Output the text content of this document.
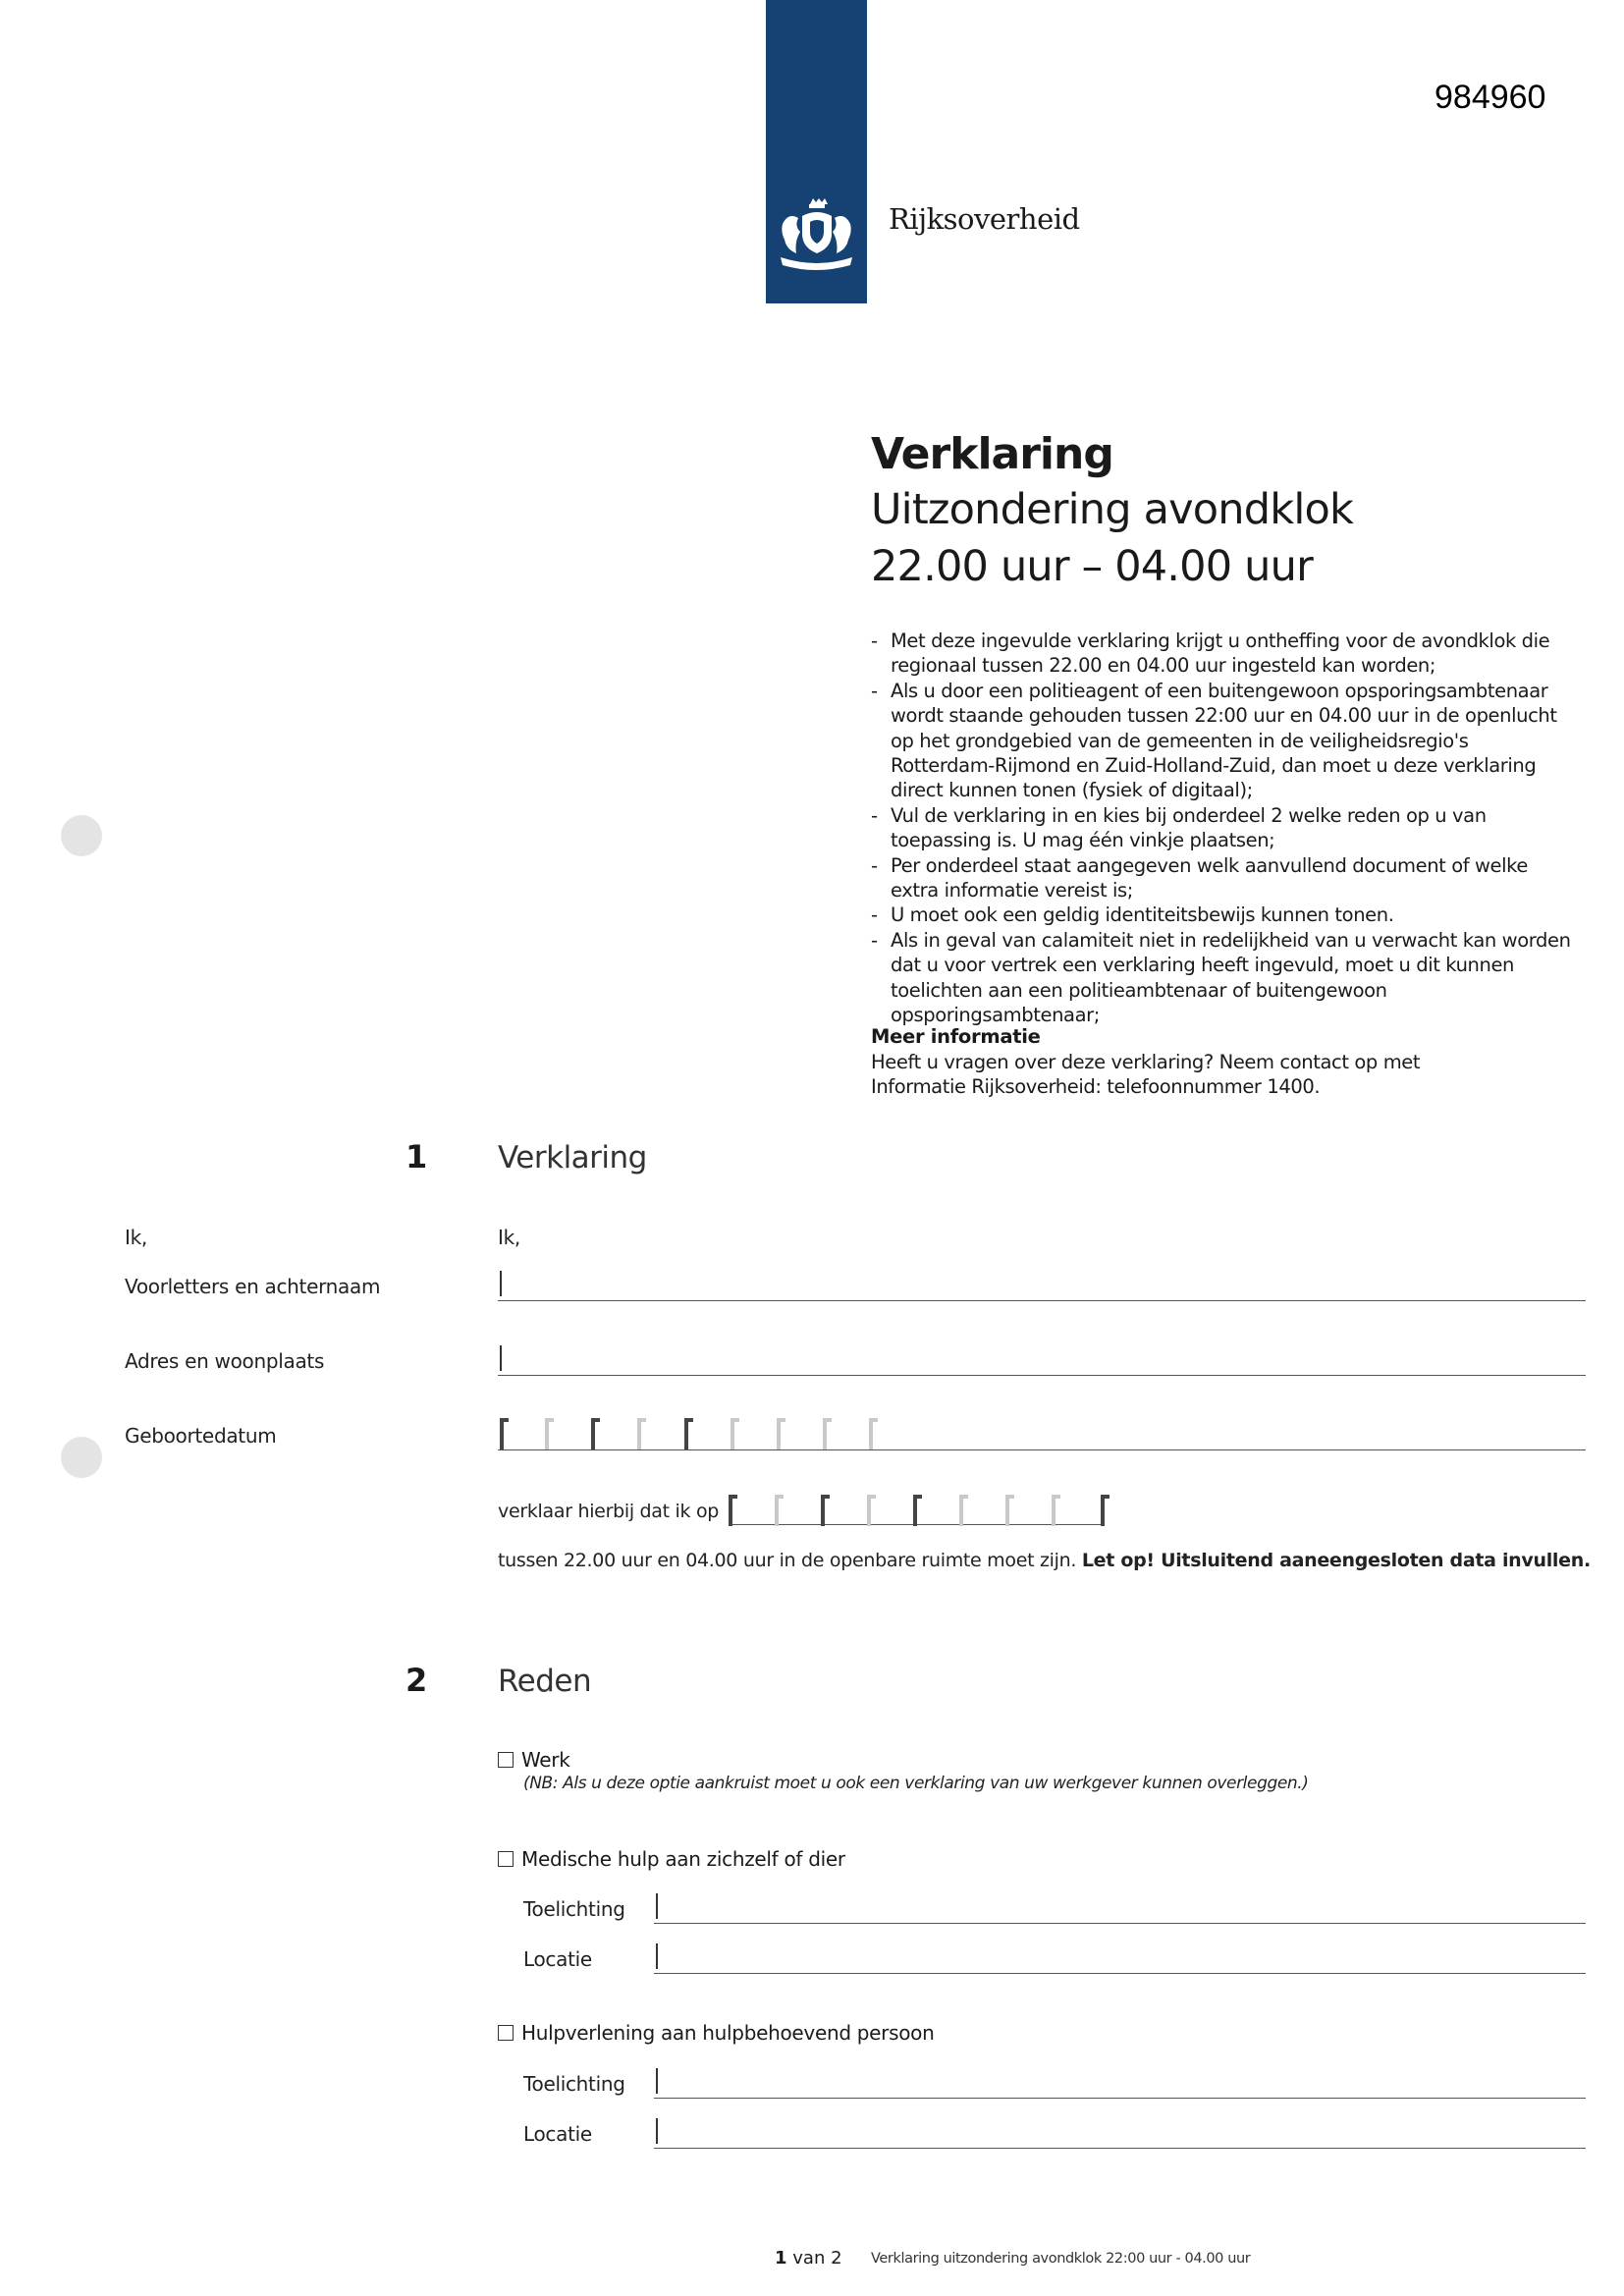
Rijksoverheid
984960
Verklaring
Uitzondering avondklok
22.00 uur – 04.00 uur
- Met deze ingevulde verklaring krijgt u ontheffing voor de avondklok die regionaal tussen 22.00 en 04.00 uur ingesteld kan worden;
- Als u door een politieagent of een buitengewoon opsporingsambtenaar wordt staande gehouden tussen 22:00 uur en 04.00 uur in de openlucht op het grondgebied van de gemeenten in de veiligheidsregio's Rotterdam-Rijmond en Zuid-Holland-Zuid, dan moet u deze verklaring direct kunnen tonen (fysiek of digitaal);
- Vul de verklaring in en kies bij onderdeel 2 welke reden op u van toepassing is. U mag één vinkje plaatsen;
- Per onderdeel staat aangegeven welk aanvullend document of welke extra informatie vereist is;
- U moet ook een geldig identiteitsbewijs kunnen tonen.
- Als in geval van calamiteit niet in redelijkheid van u verwacht kan worden dat u voor vertrek een verklaring heeft ingevuld, moet u dit kunnen toelichten aan een politieambtenaar of buitengewoon opsporingsambtenaar;
Meer informatie
Heeft u vragen over deze verklaring? Neem contact op met
Informatie Rijksoverheid: telefoonnummer 1400.
1 Verklaring
Ik,	Ik,
Voorletters en achternaam
Adres en woonplaats
Geboortedatum
verklaar hierbij dat ik op
tussen 22.00 uur en 04.00 uur in de openbare ruimte moet zijn. Let op! Uitsluitend aaneengesloten data invullen.
2 Reden
Werk
(NB: Als u deze optie aankruist moet u ook een verklaring van uw werkgever kunnen overleggen.)
Medische hulp aan zichzelf of dier
Toelichting
Locatie
Hulpverlening aan hulpbehoevend persoon
Toelichting
Locatie
1 van 2 Verklaring uitzondering avondklok 22:00 uur - 04.00 uur
